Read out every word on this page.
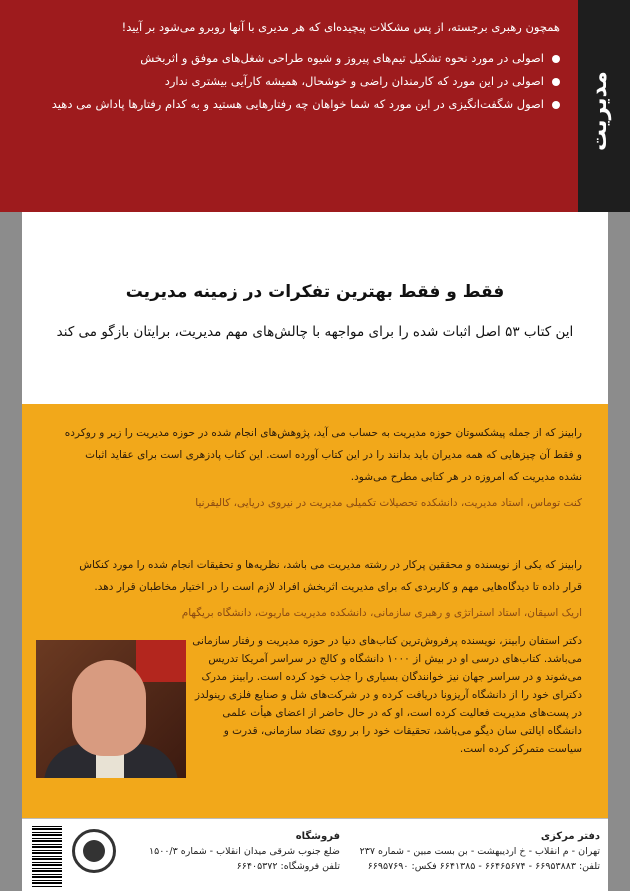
همچون رهبری برجسته، از پس مشکلات پیچیده‌ای که هر مدیری با آنها روبرو می‌شود بر آیید!
اصولی در مورد نحوه تشکیل تیم‌های پیروز و شیوه طراحی شغل‌های موفق و اثربخش
اصولی در این مورد که کارمندان راضی و خوشحال، همیشه کارآیی بیشتری ندارد
اصول شگفت‌انگیزی در این مورد که شما خواهان چه رفتارهایی هستید و به کدام رفتارها پاداش می دهید	مدیریت
فقط و فقط بهترین تفکرات در زمینه مدیریت
این کتاب ۵۳ اصل اثبات شده را برای مواجهه با چالش‌های مهم مدیریت، برایتان بازگو می کند
رابینز که از جمله پیشکسوتان حوزه مدیریت به حساب می آید، پژوهش‌های انجام شده در حوزه مدیریت را زیر و روکرده و فقط آن چیزهایی که همه مدیران باید بدانند را در این کتاب آورده است. این کتاب پادزهری است برای عقاید اثبات نشده مدیریت که امروزه در هر کتابی مطرح می‌شود.
کنت توماس، استاد مدیریت، دانشکده تحصیلات تکمیلی مدیریت در نیروی دریایی، کالیفرنیا
رابینز که یکی از نویسنده و محققین پرکار در رشته مدیریت می باشد، نظریه‌ها و تحقیقات انجام شده را مورد کنکاش قرار داده تا دیدگاه‌هایی مهم و کاربردی که برای مدیریت اثربخش افراد لازم است را در اختیار مخاطبان قرار دهد.
اریک اسیقان، استاد استراتژی و رهبری سازمانی، دانشکده مدیریت ماریوت، دانشگاه بریگهام
دکتر استفان رابینز، نویسنده پرفروش‌ترین کتاب‌های دنیا در حوزه مدیریت و رفتار سازمانی می‌باشد. کتاب‌های درسی او در بیش از ۱۰۰۰ دانشگاه و کالج در سراسر آمریکا تدریس می‌شوند و در سراسر جهان نیز خوانندگان بسیاری را جذب خود کرده است. رابینز مدرک دکترای خود را از دانشگاه آریزونا دریافت کرده و در شرکت‌های شل و صنایع فلزی رینولدز در پست‌های مدیریت فعالیت کرده است، او که در حال حاضر از اعضای هیأت علمی دانشگاه ایالتی سان دیگو می‌باشد، تحقیقات خود را بر روی تضاد سازمانی، قدرت و سیاست متمرکز کرده است.
فروشگاه
ضلع جنوب شرقی میدان انقلاب - شماره ۱۵۰۰/۳
تلفن فروشگاه: ۶۶۴۰۵۳۷۲
دفتر مرکزی
تهران - م انقلاب - خ اردیبهشت - بن بست مبین - شماره ۲۳۷
تلفن: ۶۶۹۵۳۸۸۳ - ۶۶۴۶۵۶۷۴ - ۶۶۴۱۳۸۵ فکس: ۶۶۹۵۷۶۹۰
